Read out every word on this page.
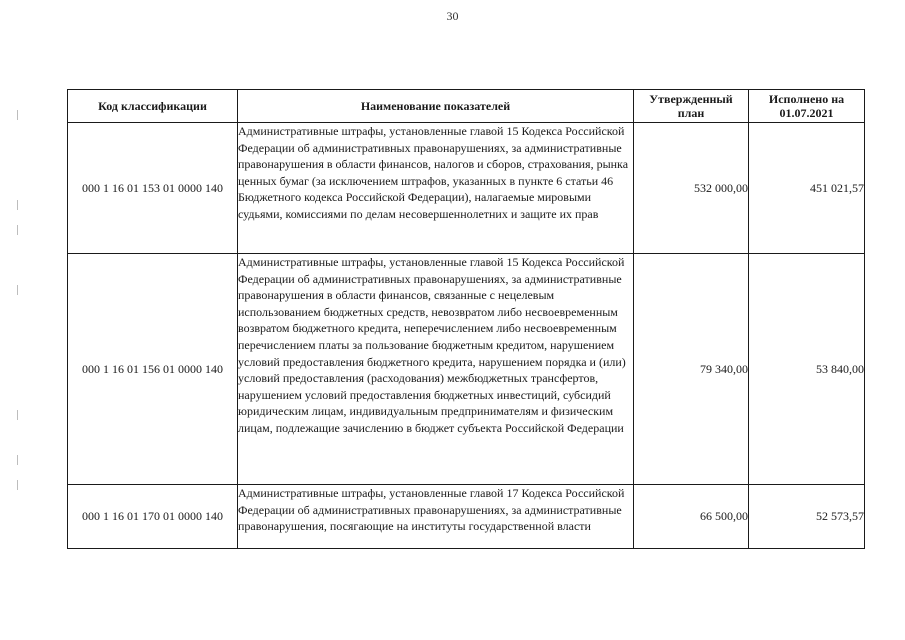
30
Код классификации	Наименование показателей	Утвержденный план	Исполнено на 01.07.2021
000 1 16 01 153 01 0000 140	Административные штрафы, установленные главой 15 Кодекса Российской Федерации об административных правонарушениях, за административные правонарушения в области финансов, налогов и сборов, страхования, рынка ценных бумаг (за исключением штрафов, указанных в пункте 6 статьи 46 Бюджетного кодекса Российской Федерации), налагаемые мировыми судьями, комиссиями по делам несовершеннолетних и защите их прав	532 000,00	451 021,57
000 1 16 01 156 01 0000 140	Административные штрафы, установленные главой 15 Кодекса Российской Федерации об административных правонарушениях, за административные правонарушения в области финансов, связанные с нецелевым использованием бюджетных средств, невозвратом либо несвоевременным возвратом бюджетного кредита, неперечислением либо несвоевременным перечислением платы за пользование бюджетным кредитом, нарушением условий предоставления бюджетного кредита, нарушением порядка и (или) условий предоставления (расходования) межбюджетных трансфертов, нарушением условий предоставления бюджетных инвестиций, субсидий юридическим лицам, индивидуальным предпринимателям и физическим лицам, подлежащие зачислению в бюджет субъекта Российской Федерации	79 340,00	53 840,00
000 1 16 01 170 01 0000 140	Административные штрафы, установленные главой 17 Кодекса Российской Федерации об административных правонарушениях, за административные правонарушения, посягающие на институты государственной власти	66 500,00	52 573,57
